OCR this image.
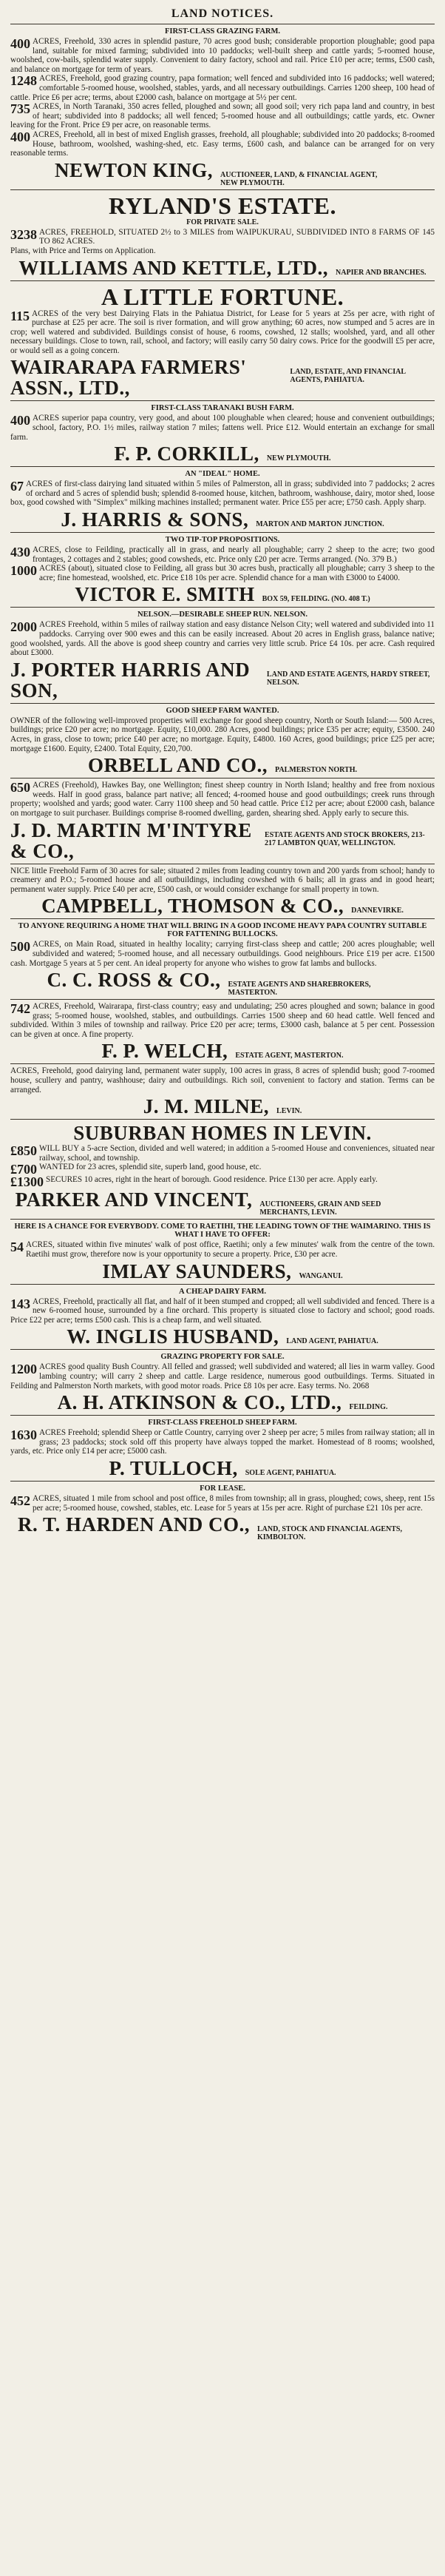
LAND NOTICES.
FIRST-CLASS GRAZING FARM.

400 ACRES, Freehold, 330 acres in splendid pasture, 70 acres good bush; considerable proportion ploughable; good papa land, suitable for mixed farming; subdivided into 10 paddocks; well-built sheep and cattle yards; 5-roomed house, woolshed, cow-bails, splendid water supply. Convenient to dairy factory, school and rail. Price £10 per acre; terms, £500 cash, and balance on mortgage for term of years.

1248 ACRES, Freehold, good grazing country, papa formation; well fenced and subdivided into 16 paddocks; well watered; comfortable 5-roomed house, woolshed, stables, yards, and all necessary outbuildings. Carries 1200 sheep, 100 head of cattle. Price £6 per acre; terms, about £2000 cash, balance on mortgage at 5½ per cent.

735 ACRES, in North Taranaki, 350 acres felled, ploughed and sown; all good soil; very rich papa land and country, in best of heart; subdivided into 8 paddocks; all well fenced; 5-roomed house and all outbuildings; cattle yards, etc. Owner leaving for the Front. Price £9 per acre, on reasonable terms.

400 ACRES, Freehold, all in best of mixed English grasses, freehold, all ploughable; subdivided into 20 paddocks; 8-roomed House, bathroom, woolshed, washing-shed, etc. Easy terms, £600 cash, and balance can be arranged for on very reasonable terms.

NEWTON KING, AUCTIONEER, LAND, & FINANCIAL AGENT, NEW PLYMOUTH.
RYLAND'S ESTATE.
FOR PRIVATE SALE.

3238 ACRES, FREEHOLD, SITUATED 2½ to 3 MILES from WAIPUKURAU, SUBDIVIDED INTO 8 FARMS OF 145 TO 862 ACRES.

Plans, with Price and Terms on Application.

WILLIAMS AND KETTLE, LTD., NAPIER AND BRANCHES.
A LITTLE FORTUNE.

115 ACRES of the very best Dairying Flats in the Pahiatua District, for Lease for 5 years at 25s per acre, with right of purchase at £25 per acre. The soil is river formation, and will grow anything; 60 acres, now stumped and 5 acres are in crop; well watered and subdivided. Buildings consist of house, 6 rooms, cowshed, 12 stalls; woolshed, yard, and all other necessary buildings. Close to town, rail, school, and factory; will easily carry 50 dairy cows. Price for the goodwill £5 per acre, or would sell as a going concern.

WAIRARAPA FARMERS' ASSN., LTD.,
LAND, ESTATE, AND FINANCIAL AGENTS, PAHIATUA.
FIRST-CLASS TARANAKI BUSH FARM.

400 ACRES superior papa country, very good, and about 100 ploughable when cleared; house and convenient outbuildings; school, factory, P.O. 1½ miles, railway station 7 miles; fattens well. Price £12. Would entertain an exchange for small farm.

F. P. CORKILL, NEW PLYMOUTH.
AN "IDEAL" HOME.

67 ACRES of first-class dairying land situated within 5 miles of Palmerston, all in grass; subdivided into 7 paddocks; 2 acres of orchard and 5 acres of splendid bush; splendid 8-roomed house, kitchen, bathroom, washhouse, dairy, motor shed, loose box, good cowshed with "Simplex" milking machines installed; permanent water. Price £55 per acre; £750 cash. Apply sharp.

J. HARRIS & SONS, MARTON AND MARTON JUNCTION.
TWO TIP-TOP PROPOSITIONS.

430 ACRES, close to Feilding, practically all in grass, and nearly all ploughable; carry 2 sheep to the acre; two good frontages, 2 cottages and 2 stables; good cowsheds, etc. Price only £20 per acre. Terms arranged. (No. 379 B.)

1000 ACRES (about), situated close to Feilding, all grass but 30 acres bush, practically all ploughable; carry 3 sheep to the acre; fine homestead, woolshed, etc. Price £18 10s per acre. Splendid chance for a man with £3000 to £4000.

VICTOR E. SMITH BOX 59, FEILDING. (NO. 408 T.)
NELSON.—DESIRABLE SHEEP RUN. NELSON.

2000 ACRES Freehold, within 5 miles of railway station and easy distance Nelson City; well watered and subdivided into 11 paddocks. Carrying over 900 ewes and this can be easily increased. About 20 acres in English grass, balance native; good woolshed, yards. All the above is good sheep country and carries very little scrub. Price £4 10s. per acre. Cash required about £3000.

J. PORTER HARRIS AND SON,
LAND AND ESTATE AGENTS, HARDY STREET, NELSON.
GOOD SHEEP FARM WANTED.

OWNER of the following well-improved properties will exchange for good sheep country, North or South Island:— 500 Acres, buildings; price £20 per acre; no mortgage. Equity, £10,000. 280 Acres, good buildings; price £35 per acre; equity, £3500. 240 Acres, in grass, close to town; price £40 per acre; no mortgage. Equity, £4800. 160 Acres, good buildings; price £25 per acre; mortgage £1600. Equity, £2400. Total Equity, £20,700.

ORBELL AND CO., PALMERSTON NORTH.

650 ACRES (Freehold), Hawkes Bay, one Wellington; finest sheep country in North Island; healthy and free from noxious weeds. Half in good grass, balance part native; all fenced; 4-roomed house and good outbuildings; creek runs through property; woolshed and yards; good water. Carry 1100 sheep and 50 head cattle. Price £12 per acre; about £2000 cash, balance on mortgage to suit purchaser. Buildings comprise 8-roomed dwelling, garden, shearing shed. Apply early to secure this.

J. D. MARTIN M'INTYRE & CO.,
ESTATE AGENTS AND STOCK BROKERS, 213-217 LAMBTON QUAY, WELLINGTON.

NICE little Freehold Farm of 30 acres for sale; situated 2 miles from leading country town and 200 yards from school; handy to creamery and P.O.; 5-roomed house and all outbuildings, including cowshed with 6 bails; all in grass and in good heart; permanent water supply. Price £40 per acre, £500 cash, or would consider exchange for small property in town.

CAMPBELL, THOMSON & CO., DANNEVIRKE.
TO ANYONE REQUIRING A HOME THAT WILL BRING IN A GOOD INCOME HEAVY PAPA COUNTRY SUITABLE FOR FATTENING BULLOCKS.

500 ACRES, on Main Road, situated in healthy locality; carrying first-class sheep and cattle; 200 acres ploughable; well subdivided and watered; 5-roomed house, and all necessary outbuildings. Good neighbours. Price £19 per acre. £1500 cash. Mortgage 5 years at 5 per cent. An ideal property for anyone who wishes to grow fat lambs and bullocks.

C. C. ROSS & CO., ESTATE AGENTS AND SHAREBROKERS, MASTERTON.

742 ACRES, Freehold, Wairarapa, first-class country; easy and undulating; 250 acres ploughed and sown; balance in good grass; 5-roomed house, woolshed, stables, and outbuildings. Carries 1500 sheep and 60 head cattle. Well fenced and subdivided. Within 3 miles of township and railway. Price £20 per acre; terms, £3000 cash, balance at 5 per cent. Possession can be given at once. A fine property.

F. P. WELCH, ESTATE AGENT, MASTERTON.

ACRES, Freehold, good dairying land, permanent water supply, 100 acres in grass, 8 acres of splendid bush; good 7-roomed house, scullery and pantry, washhouse; dairy and outbuildings. Rich soil, convenient to factory and station. Terms can be arranged.

J. M. MILNE, LEVIN.
SUBURBAN HOMES IN LEVIN.

£850 WILL BUY a 5-acre Section, divided and well watered; in addition a 5-roomed House and conveniences, situated near railway, school, and township.

£700 WANTED for 23 acres, splendid site, superb land, good house, etc.

£1300 SECURES 10 acres, right in the heart of borough. Good residence. Price £130 per acre. Apply early.

PARKER AND VINCENT, AUCTIONEERS, GRAIN AND SEED MERCHANTS, LEVIN.
HERE IS A CHANCE FOR EVERYBODY. COME TO RAETIHI, THE LEADING TOWN OF THE WAIMARINO. THIS IS WHAT I HAVE TO OFFER:

54 ACRES, situated within five minutes' walk of post office, Raetihi; only a few minutes' walk from the centre of the town. Raetihi must grow, therefore now is your opportunity to secure a property. Price, £30 per acre.

IMLAY SAUNDERS, WANGANUI.
A CHEAP DAIRY FARM.

143 ACRES, Freehold, practically all flat, and half of it been stumped and cropped; all well subdivided and fenced. There is a new 6-roomed house, surrounded by a fine orchard. This property is situated close to factory and school; good roads. Price £22 per acre; terms £500 cash. This is a cheap farm, and well situated.

W. INGLIS HUSBAND, LAND AGENT, PAHIATUA.
GRAZING PROPERTY FOR SALE.

1200 ACRES good quality Bush Country. All felled and grassed; well subdivided and watered; all lies in warm valley. Good lambing country; will carry 2 sheep and cattle. Large residence, numerous good outbuildings. Terms. Situated in Feilding and Palmerston North markets, with good motor roads. Price £8 10s per acre. Easy terms. No. 2068

A. H. ATKINSON & CO., LTD., FEILDING.
FIRST-CLASS FREEHOLD SHEEP FARM.

1630 ACRES Freehold; splendid Sheep or Cattle Country, carrying over 2 sheep per acre; 5 miles from railway station; all in grass; 23 paddocks; stock sold off this property have always topped the market. Homestead of 8 rooms; woolshed, yards, etc. Price only £14 per acre; £5000 cash.

P. TULLOCH, SOLE AGENT, PAHIATUA.
FOR LEASE.

452 ACRES, situated 1 mile from school and post office, 8 miles from township; all in grass, ploughed; cows, sheep, rent 15s per acre; 5-roomed house, cowshed, stables, etc. Lease for 5 years at 15s per acre. Right of purchase £21 10s per acre.

R. T. HARDEN AND CO., LAND, STOCK AND FINANCIAL AGENTS, KIMBOLTON.
